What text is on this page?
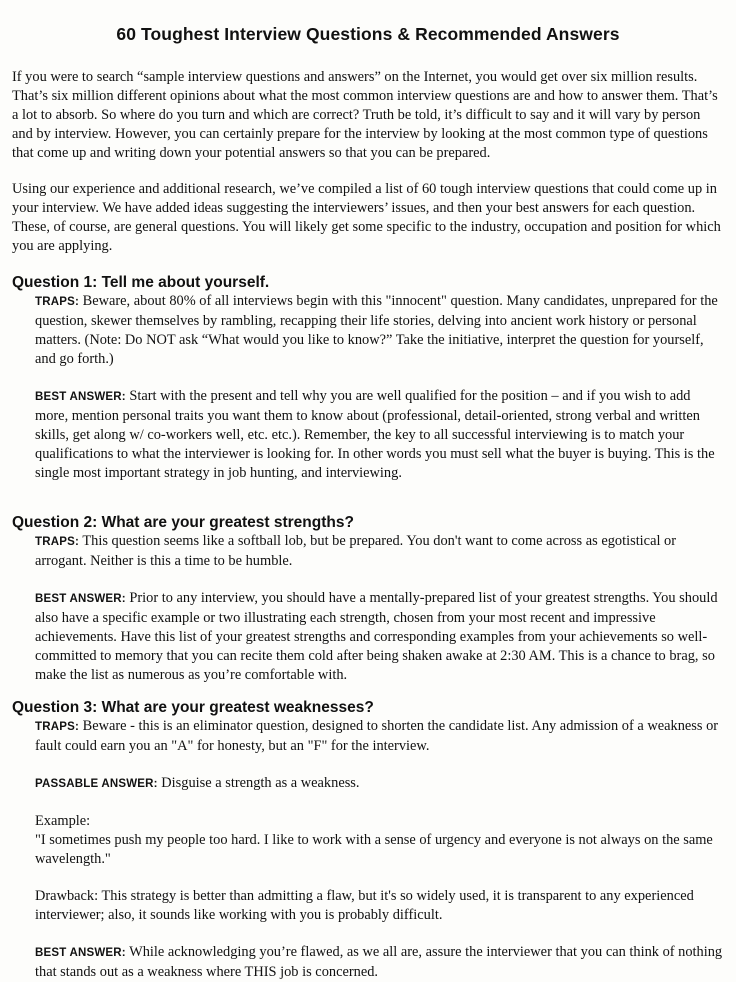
60 Toughest Interview Questions & Recommended Answers

If you were to search “sample interview questions and answers” on the Internet, you would get over six million results. That’s six million different opinions about what the most common interview questions are and how to answer them. That’s a lot to absorb. So where do you turn and which are correct? Truth be told, it’s difficult to say and it will vary by person and by interview. However, you can certainly prepare for the interview by looking at the most common type of questions that come up and writing down your potential answers so that you can be prepared.

Using our experience and additional research, we’ve compiled a list of 60 tough interview questions that could come up in your interview. We have added ideas suggesting the interviewers’ issues, and then your best answers for each question. These, of course, are general questions. You will likely get some specific to the industry, occupation and position for which you are applying.

Question 1: Tell me about yourself.

TRAPS: Beware, about 80% of all interviews begin with this "innocent" question. Many candidates, unprepared for the question, skewer themselves by rambling, recapping their life stories, delving into ancient work history or personal matters. (Note: Do NOT ask “What would you like to know?” Take the initiative, interpret the question for yourself, and go forth.)

BEST ANSWER: Start with the present and tell why you are well qualified for the position – and if you wish to add more, mention personal traits you want them to know about (professional, detail-oriented, strong verbal and written skills, get along w/ co-workers well, etc. etc.). Remember, the key to all successful interviewing is to match your qualifications to what the interviewer is looking for. In other words you must sell what the buyer is buying. This is the single most important strategy in job hunting, and interviewing.

Question 2: What are your greatest strengths?

TRAPS: This question seems like a softball lob, but be prepared. You don't want to come across as egotistical or arrogant. Neither is this a time to be humble.

BEST ANSWER: Prior to any interview, you should have a mentally-prepared list of your greatest strengths. You should also have a specific example or two illustrating each strength, chosen from your most recent and impressive achievements. Have this list of your greatest strengths and corresponding examples from your achievements so well-committed to memory that you can recite them cold after being shaken awake at 2:30 AM. This is a chance to brag, so make the list as numerous as you’re comfortable with.

Question 3: What are your greatest weaknesses?

TRAPS: Beware - this is an eliminator question, designed to shorten the candidate list. Any admission of a weakness or fault could earn you an "A" for honesty, but an "F" for the interview.

PASSABLE ANSWER: Disguise a strength as a weakness.

Example:
"I sometimes push my people too hard. I like to work with a sense of urgency and everyone is not always on the same wavelength."

Drawback: This strategy is better than admitting a flaw, but it's so widely used, it is transparent to any experienced interviewer; also, it sounds like working with you is probably difficult.

BEST ANSWER: While acknowledging you’re flawed, as we all are, assure the interviewer that you can think of nothing that stands out as a weakness where THIS job is concerned.
